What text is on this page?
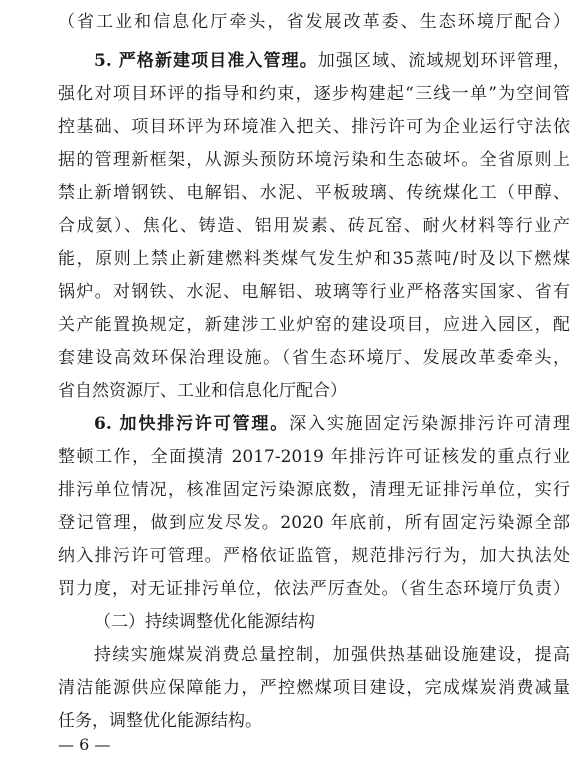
（省工业和信息化厅牵头，省发展改革委、生态环境厅配合）
5. 严格新建项目准入管理。加强区域、流域规划环评管理，
强化对项目环评的指导和约束，逐步构建起“三线一单”为空间管
控基础、项目环评为环境准入把关、排污许可为企业运行守法依
据的管理新框架，从源头预防环境污染和生态破坏。全省原则上
禁止新增钢铁、电解铝、水泥、平板玻璃、传统煤化工（甲醇、
合成氨）、焦化、铸造、铝用炭素、砖瓦窑、耐火材料等行业产
能，原则上禁止新建燃料类煤气发生炉和35蒸吨/时及以下燃煤
锅炉。对钢铁、水泥、电解铝、玻璃等行业严格落实国家、省有
关产能置换规定，新建涉工业炉窑的建设项目，应进入园区，配
套建设高效环保治理设施。（省生态环境厅、发展改革委牵头，
省自然资源厅、工业和信息化厅配合）
6. 加快排污许可管理。深入实施固定污染源排污许可清理
整顿工作，全面摸清 2017-2019 年排污许可证核发的重点行业
排污单位情况，核准固定污染源底数，清理无证排污单位，实行
登记管理，做到应发尽发。2020 年底前，所有固定污染源全部
纳入排污许可管理。严格依证监管，规范排污行为，加大执法处
罚力度，对无证排污单位，依法严厉查处。（省生态环境厅负责）
（二）持续调整优化能源结构
持续实施煤炭消费总量控制，加强供热基础设施建设，提高
清洁能源供应保障能力，严控燃煤项目建设，完成煤炭消费减量
任务，调整优化能源结构。
— 6 —
